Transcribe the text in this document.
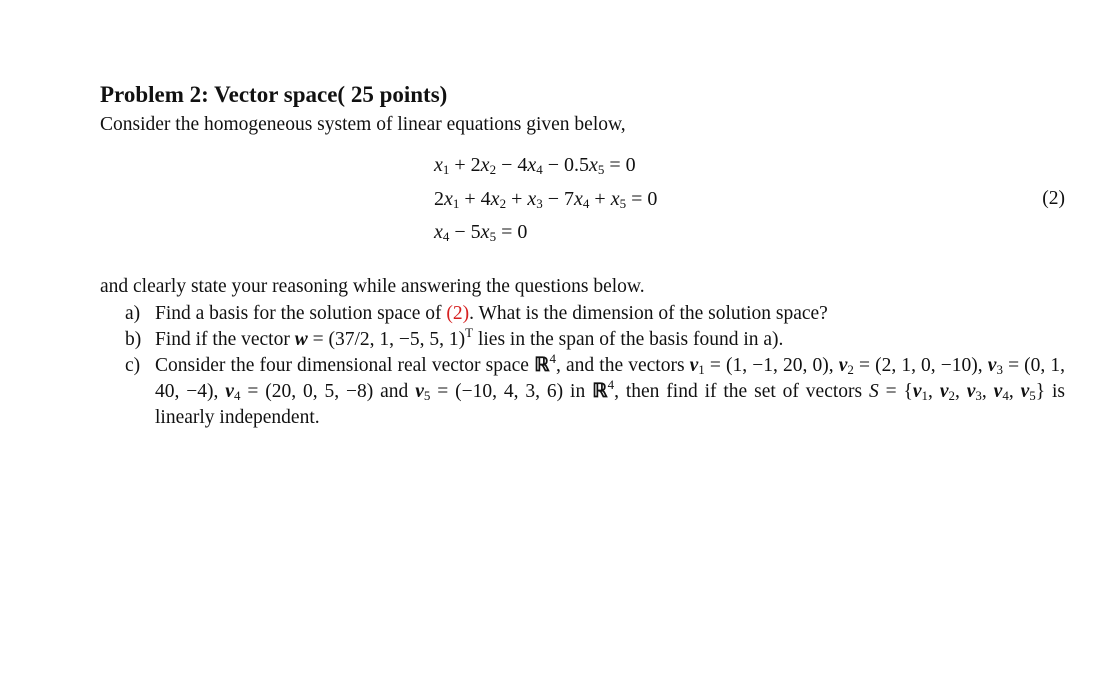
Problem 2: Vector space( 25 points)

Consider the homogeneous system of linear equations given below,

$x_1 + 2x_2 - 4x_4 - 0.5x_5 = 0$
$2x_1 + 4x_2 + x_3 - 7x_4 + x_5 = 0$
$x_4 - 5x_5 = 0$
(2)

and clearly state your reasoning while answering the questions below.

a) Find a basis for the solution space of (2). What is the dimension of the solution space?
b) Find if the vector w = (37/2, 1, −5, 5, 1)$^T$ lies in the span of the basis found in a).
c) Consider the four dimensional real vector space ℝ$^4$, and the vectors $v_1 = (1$, −1, 20, 0), $v_2 = (2$, 1, 0, −10), $v_3 = (0$, 1, 40, −4), $v_4 = (20$, 0, 5, −8) and $v_5 = (-10$, 4, 3, 6) in ℝ$^4$, then find if the set of vectors $S = \{v_1$, $v_2$, $v_3$, $v_4$, $v_5$} is linearly independent.
